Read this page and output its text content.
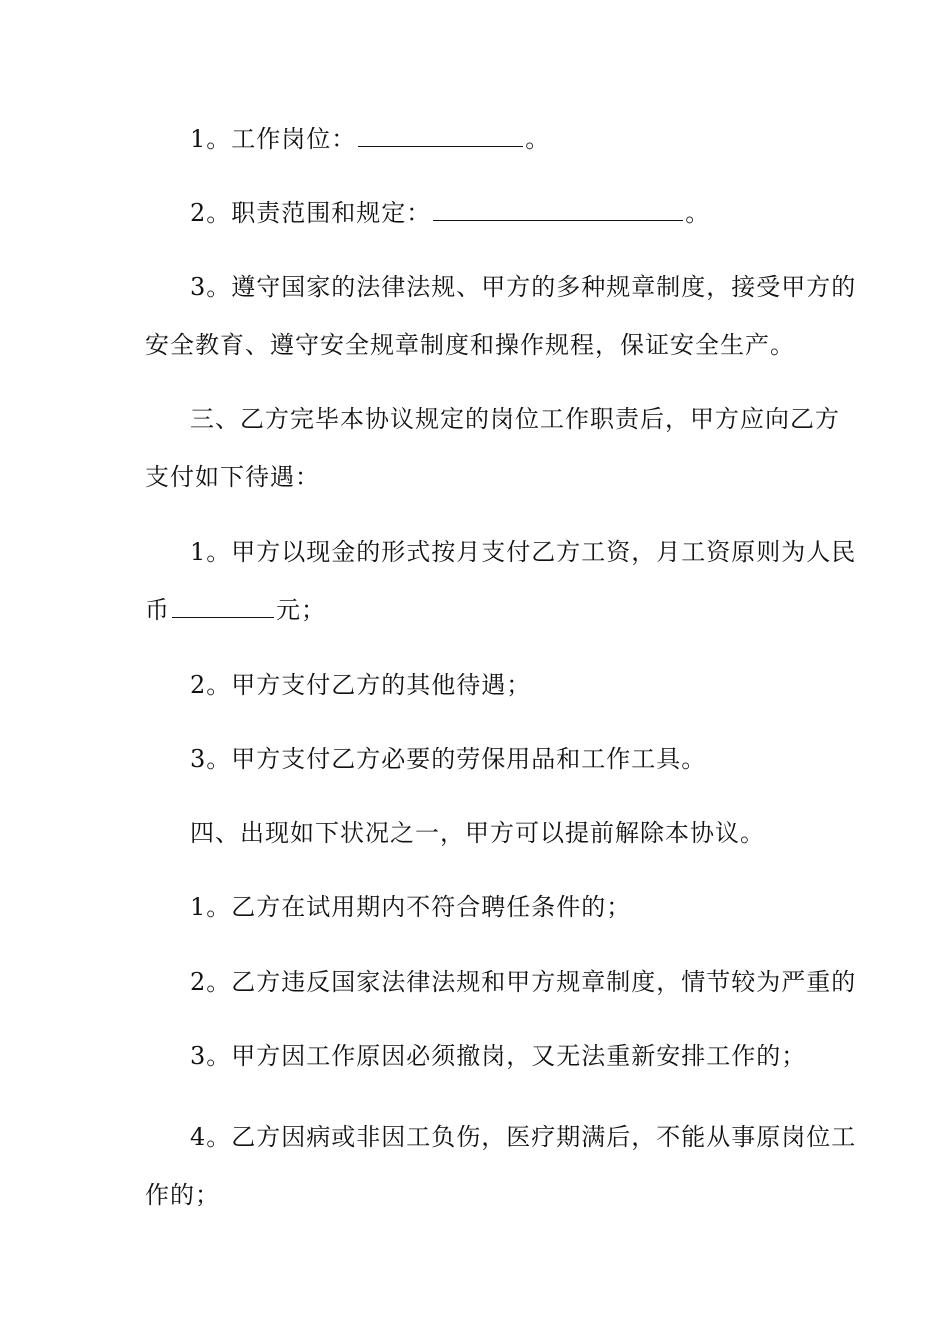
1。工作岗位：	。
2。职责范围和规定：	。
3。遵守国家的法律法规、甲方的多种规章制度，接受甲方的
安全教育、遵守安全规章制度和操作规程，保证安全生产。
三、乙方完毕本协议规定的岗位工作职责后，甲方应向乙方
支付如下待遇：
1。甲方以现金的形式按月支付乙方工资，月工资原则为人民
币	元；
2。甲方支付乙方的其他待遇；
3。甲方支付乙方必要的劳保用品和工作工具。
四、出现如下状况之一，甲方可以提前解除本协议。
1。乙方在试用期内不符合聘任条件的；
2。乙方违反国家法律法规和甲方规章制度，情节较为严重的
3。甲方因工作原因必须撤岗，又无法重新安排工作的；
4。乙方因病或非因工负伤，医疗期满后，不能从事原岗位工
作的；
